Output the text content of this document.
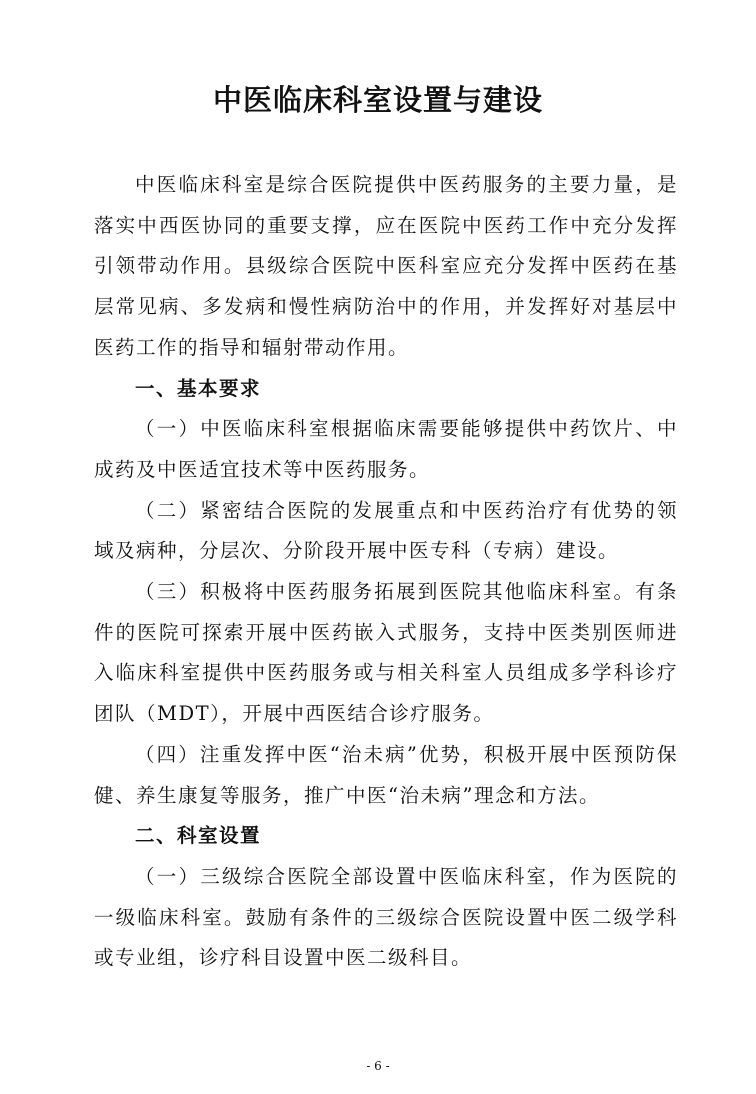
中医临床科室设置与建设

中医临床科室是综合医院提供中医药服务的主要力量，是落实中西医协同的重要支撑，应在医院中医药工作中充分发挥引领带动作用。县级综合医院中医科室应充分发挥中医药在基层常见病、多发病和慢性病防治中的作用，并发挥好对基层中医药工作的指导和辐射带动作用。

一、基本要求

（一）中医临床科室根据临床需要能够提供中药饮片、中成药及中医适宜技术等中医药服务。

（二）紧密结合医院的发展重点和中医药治疗有优势的领域及病种，分层次、分阶段开展中医专科（专病）建设。

（三）积极将中医药服务拓展到医院其他临床科室。有条件的医院可探索开展中医药嵌入式服务，支持中医类别医师进入临床科室提供中医药服务或与相关科室人员组成多学科诊疗团队（MDT），开展中西医结合诊疗服务。

（四）注重发挥中医“治未病”优势，积极开展中医预防保健、养生康复等服务，推广中医“治未病”理念和方法。

二、科室设置

（一）三级综合医院全部设置中医临床科室，作为医院的一级临床科室。鼓励有条件的三级综合医院设置中医二级学科或专业组，诊疗科目设置中医二级科目。

- 6 -
